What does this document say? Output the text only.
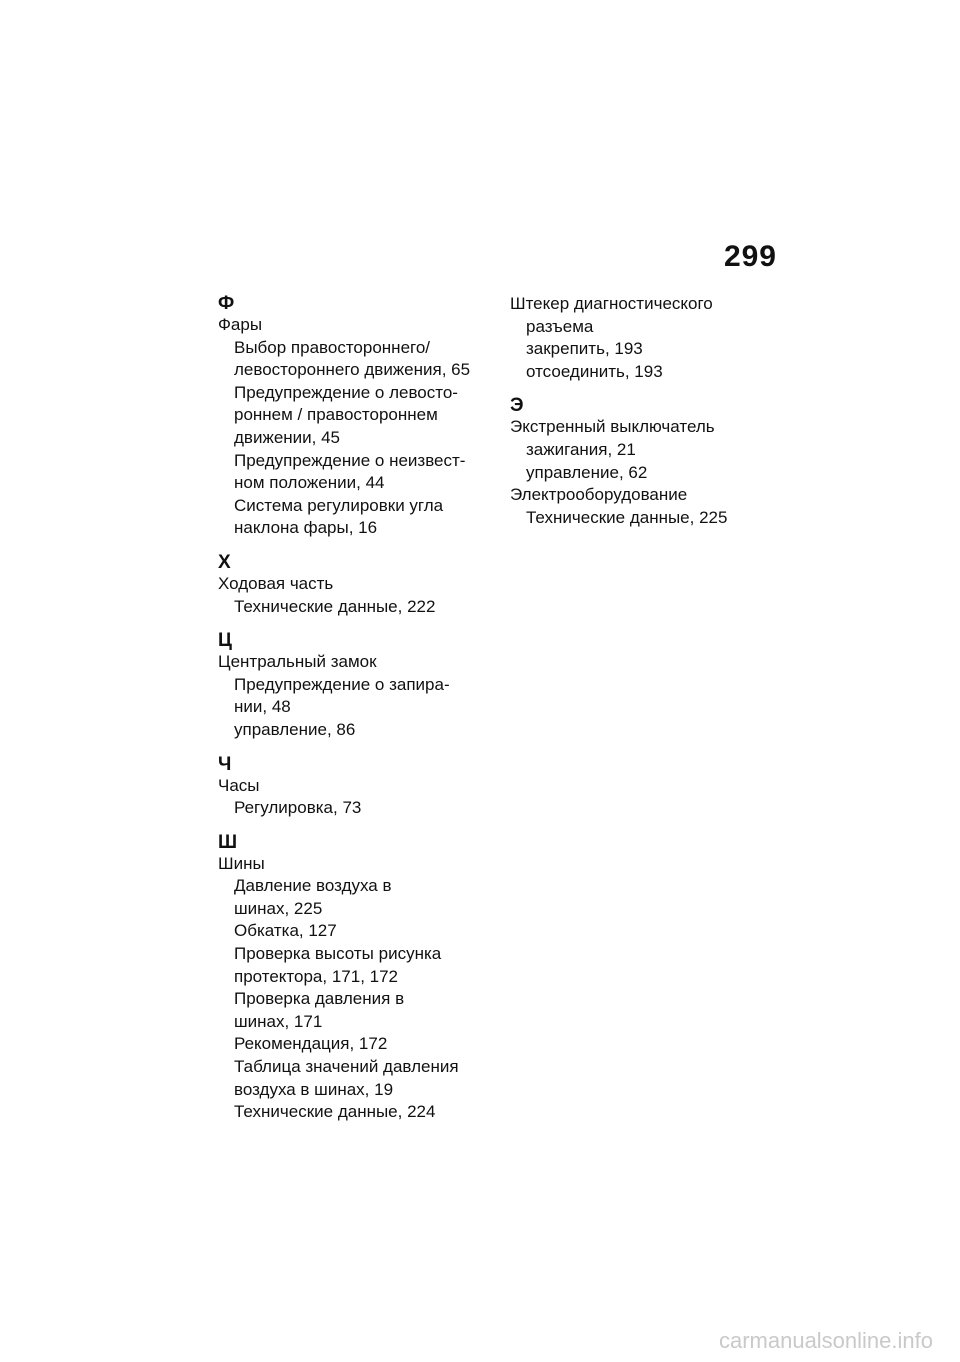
299
Ф
Фары
Выбор правостороннего/
левостороннего движения, 65
Предупреждение о левосто-
роннем / правостороннем
движении, 45
Предупреждение о неизвест-
ном положении, 44
Система регулировки угла
наклона фары, 16
Х
Ходовая часть
Технические данные, 222
Ц
Центральный замок
Предупреждение о запира-
нии, 48
управление, 86
Ч
Часы
Регулировка, 73
Ш
Шины
Давление воздуха в
шинах, 225
Обкатка, 127
Проверка высоты рисунка
протектора, 171, 172
Проверка давления в
шинах, 171
Рекомендация, 172
Таблица значений давления
воздуха в шинах, 19
Технические данные, 224
Штекер диагностического
разъема
закрепить, 193
отсоединить, 193
Э
Экстренный выключатель
зажигания, 21
управление, 62
Электрооборудование
Технические данные, 225
carmanualsonline.info
